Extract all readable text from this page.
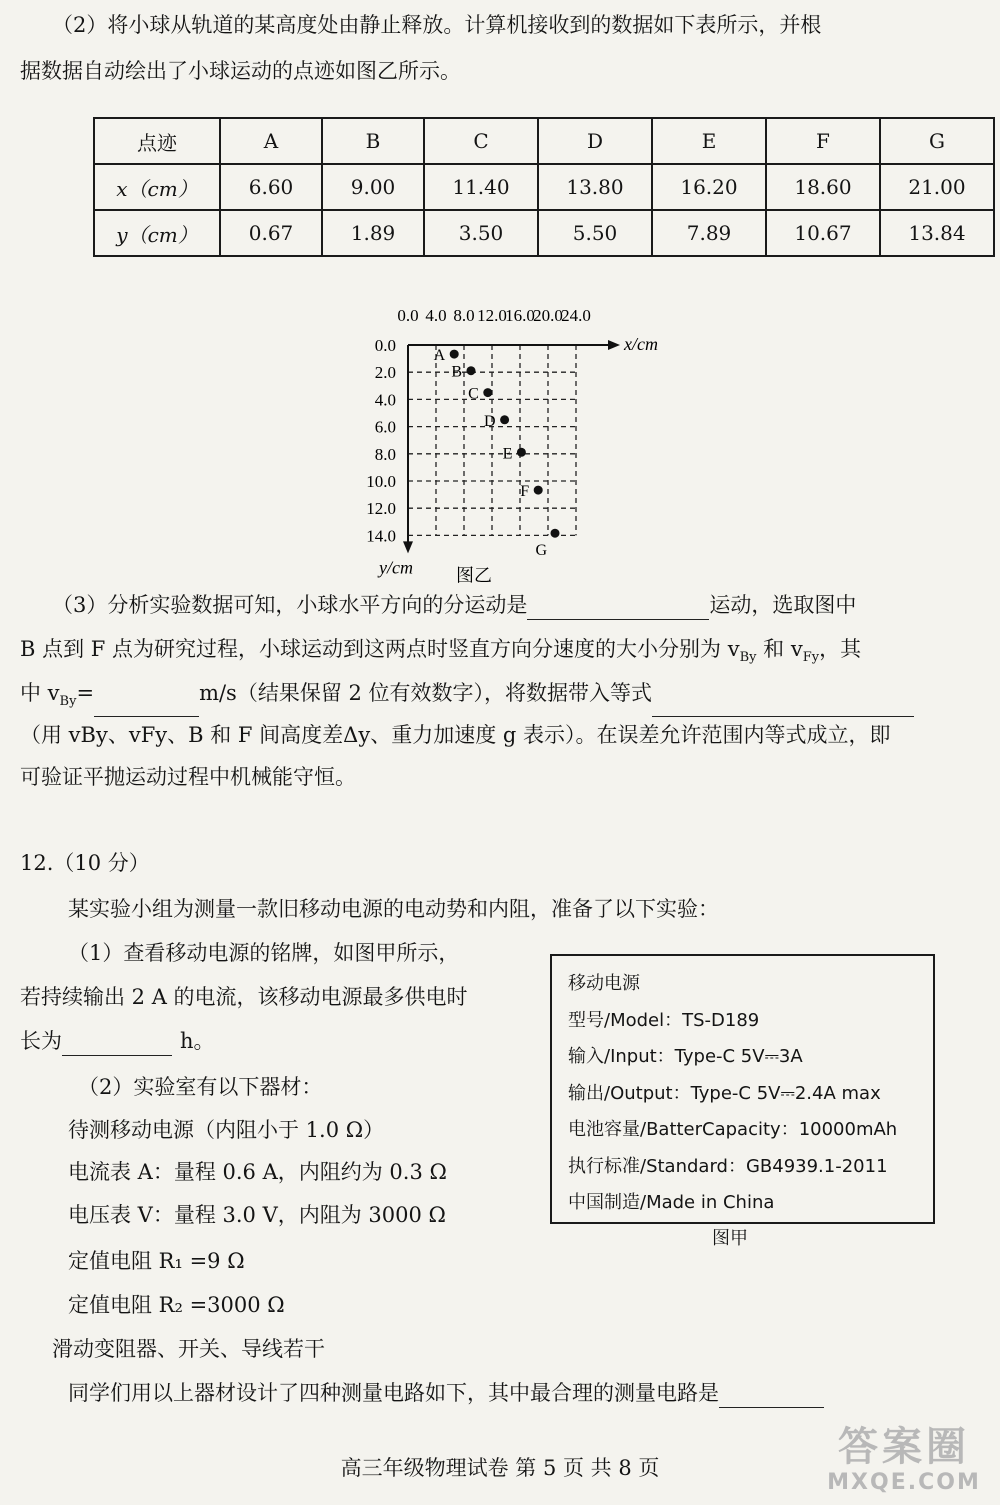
（2）将小球从轨道的某高度处由静止释放。计算机接收到的数据如下表所示，并根
据数据自动绘出了小球运动的点迹如图乙所示。
点迹	A	B	C	D	E	F	G
x（cm）	6.60	9.00	11.40	13.80	16.20	18.60	21.00
y（cm）	0.67	1.89	3.50	5.50	7.89	10.67	13.84
0.0 4.0 8.0 12.0
16.0
20.0
24.0
0.0
2.0
4.0
6.0
8.0
10.0
12.0
14.0
x/cm
y/cm 图乙
A
B
C
D
E
F
G
（3）分析实验数据可知，小球水平方向的分运动是	运动，选取图中
B 点到 F 点为研究过程，小球运动到这两点时竖直方向分速度的大小分别为 $v_{By}$ 和 $v_{Fy}$，其
中 $v_{By}=$	m/s（结果保留 2 位有效数字），将数据带入等式
（用 vBy、vFy、B 和 F 间高度差Δy、重力加速度 g 表示）。在误差允许范围内等式成立，即
可验证平抛运动过程中机械能守恒。
12.（10 分）
某实验小组为测量一款旧移动电源的电动势和内阻，准备了以下实验：
（1）查看移动电源的铭牌，如图甲所示，
若持续输出 2 A 的电流，该移动电源最多供电时
长为	h。
（2）实验室有以下器材：
待测移动电源（内阻小于 1.0 Ω）
电流表 A：量程 0.6 A，内阻约为 0.3 Ω
电压表 V：量程 3.0 V，内阻为 3000 Ω
定值电阻 R₁ =9 Ω
定值电阻 R₂ =3000 Ω
滑动变阻器、开关、导线若干
同学们用以上器材设计了四种测量电路如下，其中最合理的测量电路是
移动电源
型号/Model：TS-D189
输入/Input：Type-C 5V⎓3A
输出/Output：Type-C 5V⎓2.4A max
电池容量/BatterCapacity：10000mAh
执行标准/Standard：GB4939.1-2011
中国制造/Made in China
图甲
高三年级物理试卷 第 5 页 共 8 页	答案圈
MXQE.COM
